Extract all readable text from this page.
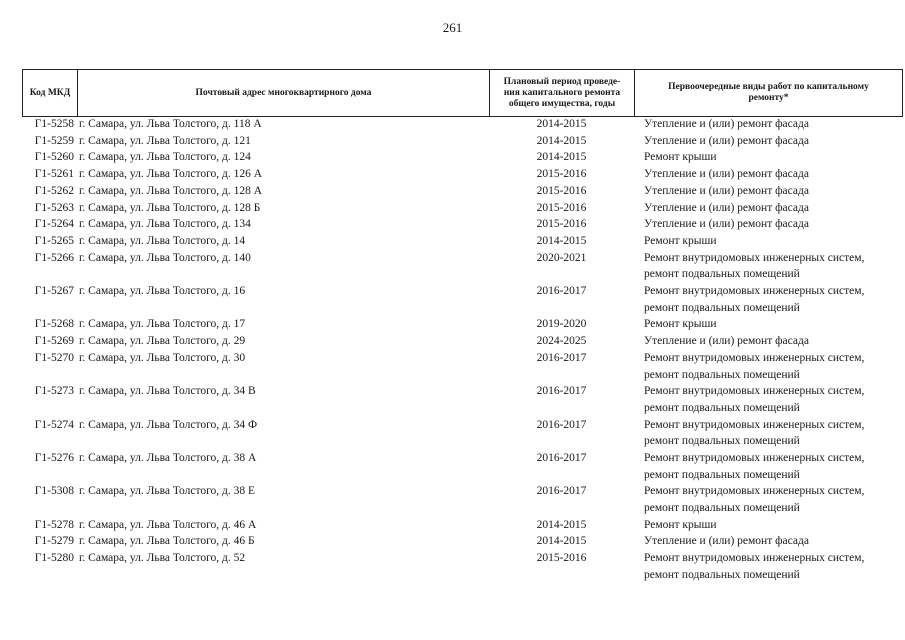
261
Код МКД	Почтовый адрес многоквартирного дома	Плановый период проведе-
ния капитального ремонта
общего имущества, годы	Первоочередные виды работ по капитальному
ремонту*
Г1-5258 г. Самара, ул. Льва Толстого, д. 118 А	2014-2015	Утепление и (или) ремонт фасада
Г1-5259 г. Самара, ул. Льва Толстого, д. 121	2014-2015	Утепление и (или) ремонт фасада
Г1-5260 г. Самара, ул. Льва Толстого, д. 124	2014-2015	Ремонт крыши
Г1-5261 г. Самара, ул. Льва Толстого, д. 126 А	2015-2016	Утепление и (или) ремонт фасада
Г1-5262 г. Самара, ул. Льва Толстого, д. 128 А	2015-2016	Утепление и (или) ремонт фасада
Г1-5263 г. Самара, ул. Льва Толстого, д. 128 Б	2015-2016	Утепление и (или) ремонт фасада
Г1-5264 г. Самара, ул. Льва Толстого, д. 134	2015-2016	Утепление и (или) ремонт фасада
Г1-5265 г. Самара, ул. Льва Толстого, д. 14	2014-2015	Ремонт крыши
Г1-5266 г. Самара, ул. Льва Толстого, д. 140	2020-2021	Ремонт внутридомовых инженерных систем,
ремонт подвальных помещений
Г1-5267 г. Самара, ул. Льва Толстого, д. 16	2016-2017	Ремонт внутридомовых инженерных систем,
ремонт подвальных помещений
Г1-5268 г. Самара, ул. Льва Толстого, д. 17	2019-2020	Ремонт крыши
Г1-5269 г. Самара, ул. Льва Толстого, д. 29	2024-2025	Утепление и (или) ремонт фасада
Г1-5270 г. Самара, ул. Льва Толстого, д. 30	2016-2017	Ремонт внутридомовых инженерных систем,
ремонт подвальных помещений
Г1-5273 г. Самара, ул. Льва Толстого, д. 34 В	2016-2017	Ремонт внутридомовых инженерных систем,
ремонт подвальных помещений
Г1-5274 г. Самара, ул. Льва Толстого, д. 34 Ф	2016-2017	Ремонт внутридомовых инженерных систем,
ремонт подвальных помещений
Г1-5276 г. Самара, ул. Льва Толстого, д. 38 А	2016-2017	Ремонт внутридомовых инженерных систем,
ремонт подвальных помещений
Г1-5308 г. Самара, ул. Льва Толстого, д. 38 Е	2016-2017	Ремонт внутридомовых инженерных систем,
ремонт подвальных помещений
Г1-5278 г. Самара, ул. Льва Толстого, д. 46 А	2014-2015	Ремонт крыши
Г1-5279 г. Самара, ул. Льва Толстого, д. 46 Б	2014-2015	Утепление и (или) ремонт фасада
Г1-5280 г. Самара, ул. Льва Толстого, д. 52	2015-2016	Ремонт внутридомовых инженерных систем,
ремонт подвальных помещений
